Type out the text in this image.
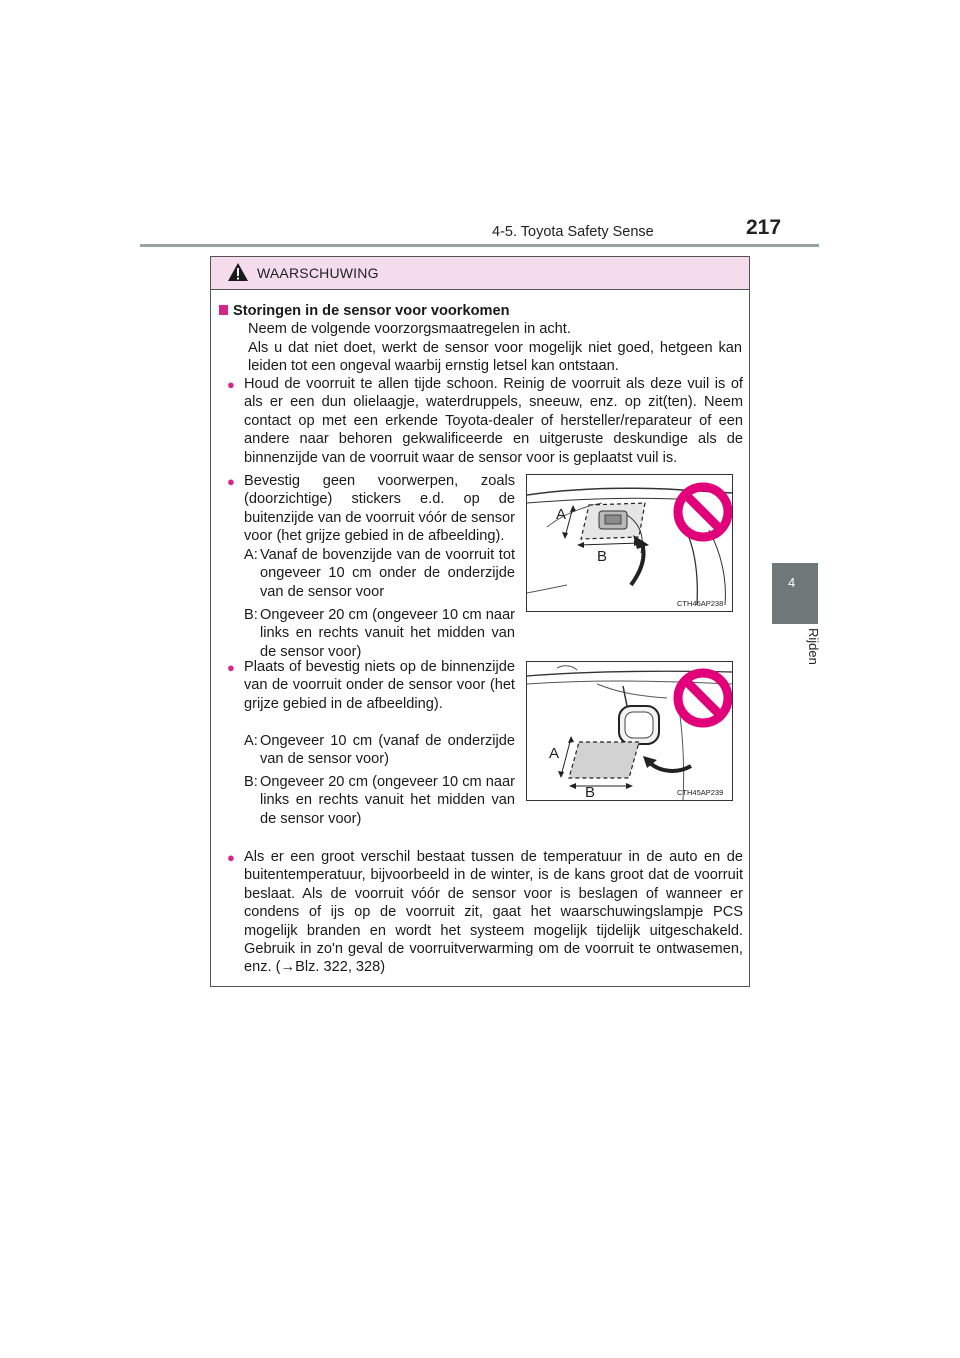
4-5. Toyota Safety Sense	217
4
Rijden
WAARSCHUWING
Storingen in de sensor voor voorkomen

Neem de volgende voorzorgsmaatregelen in acht.

Als u dat niet doet, werkt de sensor voor mogelijk niet goed, hetgeen kan leiden tot een ongeval waarbij ernstig letsel kan ontstaan.

● Houd de voorruit te allen tijde schoon. Reinig de voorruit als deze vuil is of als er een dun olielaagje, waterdruppels, sneeuw, enz. op zit(ten). Neem contact op met een erkende Toyota-dealer of hersteller/reparateur of een andere naar behoren gekwalificeerde en uitgeruste deskundige als de binnenzijde van de voorruit waar de sensor voor is geplaatst vuil is.

● Bevestig geen voorwerpen, zoals (doorzichtige) stickers e.d. op de buitenzijde van de voorruit vóór de sensor voor (het grijze gebied in de afbeelding).

A: Vanaf de bovenzijde van de voorruit tot ongeveer 10 cm onder de onderzijde van de sensor voor
B: Ongeveer 20 cm (ongeveer 10 cm naar links en rechts vanuit het midden van de sensor voor)
● Plaats of bevestig niets op de binnenzijde van de voorruit onder de sensor voor (het grijze gebied in de afbeelding).

A: Ongeveer 10 cm (vanaf de onderzijde van de sensor voor)
B: Ongeveer 20 cm (ongeveer 10 cm naar links en rechts vanuit het midden van de sensor voor)
● Als er een groot verschil bestaat tussen de temperatuur in de auto en de buitentemperatuur, bijvoorbeeld in de winter, is de kans groot dat de voorruit beslaat. Als de voorruit vóór de sensor voor is beslagen of wanneer er condens of ijs op de voorruit zit, gaat het waarschuwingslampje PCS mogelijk branden en wordt het systeem mogelijk tijdelijk uitgeschakeld. Gebruik in zo'n geval de voorruitverwarming om de voorruit te ontwasemen, enz. (→Blz. 322, 328)

A
B
CTH45AP238
A
B	CTH45AP239
